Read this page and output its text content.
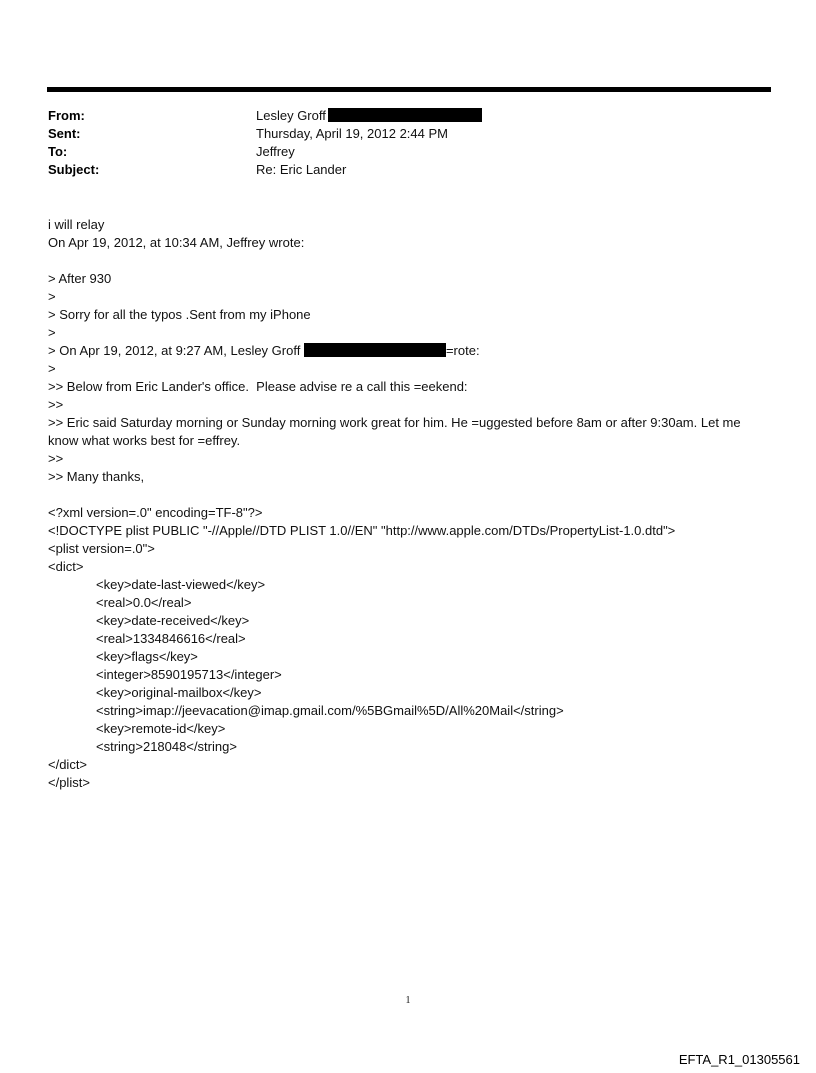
From:	Lesley Groff
Sent:	Thursday, April 19, 2012 2:44 PM
To:	Jeffrey
Subject:	Re: Eric Lander
i will relay
On Apr 19, 2012, at 10:34 AM, Jeffrey wrote:
> After 930
>
> Sorry for all the typos .Sent from my iPhone
>
> On Apr 19, 2012, at 9:27 AM, Lesley Groff	=rote:
>
>> Below from Eric Lander's office.  Please advise re a call this =eekend:
>>
>> Eric said Saturday morning or Sunday morning work great for him. He =uggested before 8am or after 9:30am. Let me know what works best for =effrey.
>>
>> Many thanks,
<?xml version=.0" encoding=TF-8"?>
<!DOCTYPE plist PUBLIC "-//Apple//DTD PLIST 1.0//EN" "http://www.apple.com/DTDs/PropertyList-1.0.dtd">
<plist version=.0">
<dict>
<key>date-last-viewed</key>
<real>0.0</real>
<key>date-received</key>
<real>1334846616</real>
<key>flags</key>
<integer>8590195713</integer>
<key>original-mailbox</key>
<string>imap://jeevacation@imap.gmail.com/%5BGmail%5D/All%20Mail</string>
<key>remote-id</key>
<string>218048</string>
</dict>
</plist>
1
EFTA_R1_01305561
